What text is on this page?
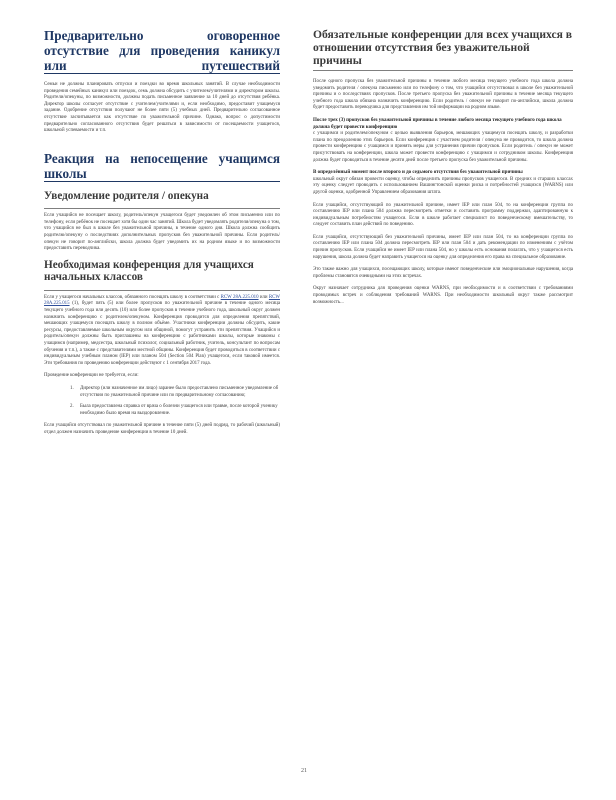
Предварительно оговоренное отсутствие для проведения каникул или путешествий

Семьи не должны планировать отпуски и поездки во время школьных занятий. В случае необходимости проведения семейных каникул или поездок, семь должна обсудить с учителем/учителями и директором школы. Родители/опекуны, по возможности, должны подать письменное заявление за 10 дней до отсутствия ребёнка. Директор школы согласует отсутствие с учителем/учителями и, если необходимо, предоставит учащемуся задание. Одобрение отсутствия получают не более пяти (5) учебных дней. Предварительно согласованное отсутствие засчитывается как отсутствие по уважительной причине. Однако, вопрос о допустимости предварительно согласованного отсутствия будет решаться в зависимости от посещаемости учащегося, школьной успеваемости и т.п.

Реакция на непосещение учащимся школы
Уведомление родителя / опекуна

Если учащийся не посещает школу, родитель/опекун учащегося будет уведомлен об этом письменно или по телефону, если ребёнок не посещает хотя бы один час занятий. Школа будет уведомлять родителя/опекуна о том, что учащийся не был в школе без уважительной причины, в течение одного дня. Школа должна сообщить родителю/опекуну о последствиях дополнительных пропусков без уважительной причины. Если родитель/опекун не говорит по-английски, школа должна будет уведомить их на родном языке и по возможности предоставить переводчика.

Необходимая конференция для учащихся начальных классов

Если у учащегося начальных классов, обязанного посещать школу в соответствии с RCW 28A.225.010 или RCW 28A.225.015 (1), будет пять (5) или более пропусков по уважительной причине в течение одного месяца текущего учебного года или десять (10) или более пропусков в течение учебного года, школьный округ должен назначить конференцию с родителем/опекуном. Конференция проводится для определения препятствий, мешающих учащемуся посещать школу в полном объёме. Участники конференции должны обсудить, какие ресурсы, предоставляемые школьным округом или общиной, помогут устранить эти препятствия. Учащийся и родитель/опекун должны быть приглашены на конференцию с работниками школы, которые знакомы с учащимся (например, медсестра, школьный психолог, социальный работник, учитель, консультант по вопросам обучения и т.п.), а также с представителями местной общины. Конференция будет проводиться в соответствии с индивидуальным учебным планом (IEP) или планом 504 (Section 504 Plan) учащегося, если таковой имеется. Эти требования по проведению конференции действуют с 1 сентября 2017 года.

Проведение конференции не требуется, если:

1. Директор (или назначенное им лицо) заранее было предоставлено письменное уведомление об отсутствии по уважительной причине или по предварительному согласованию;
2. Была предоставлена справка от врача о болезни учащегося или травме, после которой ученику необходимо было время на выздоровление.

Если учащийся отсутствовал по уважительной причине в течение пяти (5) дней подряд, то рабочий (школьный) отдел должен назначить проведение конференции в течение 10 дней.

Обязательные конференции для всех учащихся в отношении отсутствия без уважительной причины

После одного пропуска без уважительной причины в течение любого месяца текущего учебного года школа должна уведомить родителя / опекуна письменно или по телефону о том, что учащийся отсутствовал в школе без уважительной причины и о последствиях пропусков. После третьего пропуска без уважительной причины в течение месяца текущего учебного года школа обязана назначить конференцию. Если родитель / опекун не говорит по-английски, школа должна будет предоставить переводчика для представления им той информации на родном языке.

После трех (3) пропусков без уважительной причины в течение любого месяца текущего учебного года школа должна будет провести конференцию

с учащимся и родителем/опекуном с целью выявления барьеров, мешающих учащемуся посещать школу, и разработки плана по преодолению этих барьеров. Если конференция с участием родителя / опекуна не проводится, то школа должна провести конференцию с учащимся и принять меры для устранения причин пропусков. Если родитель / опекун не может присутствовать на конференции, школа может провести конференцию с учащимся и сотрудником школы. Конференция должна будет проводиться в течение десяти дней после третьего пропуска без уважительной причины.

В определённый момент после второго и до седьмого отсутствия без уважительной причины

школьный округ обязан провести оценку, чтобы определить причины пропусков учащегося. В средних и старших классах эту оценку следует проводить с использованием Вашингтонской оценки риска и потребностей учащихся (WARNS) или другой оценки, одобренной Управлением образования штата.

Если учащийся, отсутствующий по уважительной причине, имеет IEP или план 504, то на конференции группа по составлению IEP или плана 504 должна пересмотреть отметки и составить программу поддержки, адаптированную к индивидуальным потребностям учащегося. Если в школе работает специалист по поведенческому вмешательству, то следует составить план действий по поведению.

Если учащийся, отсутствующий без уважительной причины, имеет IEP или план 504, то на конференции группа по составлению IEP или плана 504 должна пересмотреть IEP или план 504 и дать рекомендации по изменениям с учётом причин пропусков. Если учащийся не имеет IEP или плана 504, но у школы есть основания полагать, что у учащегося есть нарушения, школа должна будет направить учащегося на оценку для определения его права на специальное образование.

Это также важно для учащихся, посещающих школу, которые имеют поведенческие или эмоциональные нарушения, когда проблемы становятся очевидными на этих встречах.

Округ назначает сотрудника для проведения оценки WARNS, при необходимости и в соответствии с требованиями проводимых встреч и соблюдения требований WARNS. При необходимости школьный округ также рассмотрит возможность...

21
